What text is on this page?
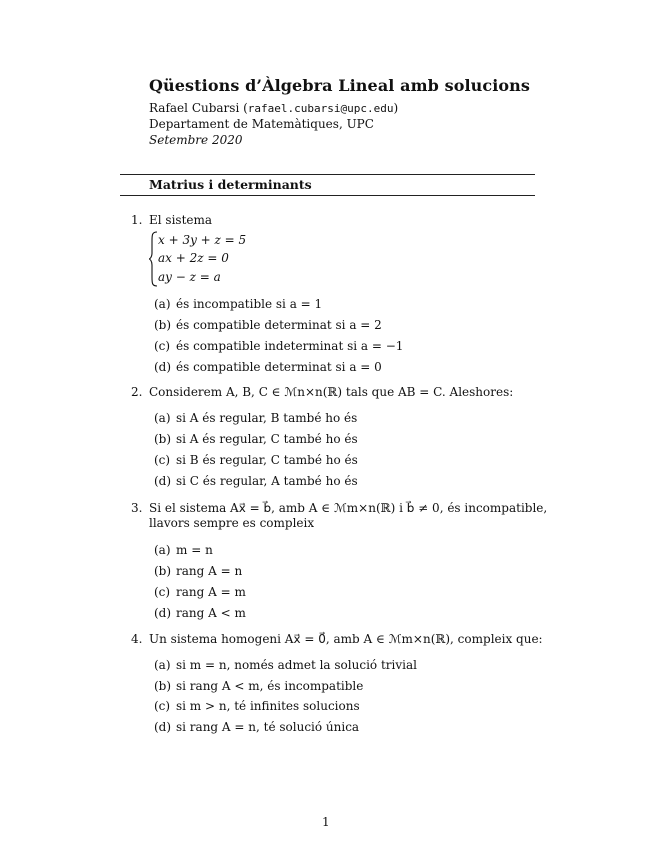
Qüestions d’Àlgebra Lineal amb solucions
Rafael Cubarsi (rafael.cubarsi@upc.edu)
Departament de Matemàtiques, UPC
Setembre 2020
Matrius i determinants
1. El sistema
x + 3y + z = 5
ax + 2z = 0
ay − z = a
(a) és incompatible si a = 1
(b) és compatible determinat si a = 2
(c) és compatible indeterminat si a = −1
(d) és compatible determinat si a = 0
2. Considerem A, B, C ∈ ℳn×n(ℝ) tals que AB = C. Aleshores:
(a) si A és regular, B també ho és
(b) si A és regular, C també ho és
(c) si B és regular, C també ho és
(d) si C és regular, A també ho és
3. Si el sistema Ax⃗ = b⃗, amb A ∈ ℳm×n(ℝ) i b⃗ ≠ 0, és incompatible,
llavors sempre es compleix
(a) m = n
(b) rang A = n
(c) rang A = m
(d) rang A < m
4. Un sistema homogeni Ax⃗ = 0⃗, amb A ∈ ℳm×n(ℝ), compleix que:
(a) si m = n, només admet la solució trivial
(b) si rang A < m, és incompatible
(c) si m > n, té infinites solucions
(d) si rang A = n, té solució única
1
